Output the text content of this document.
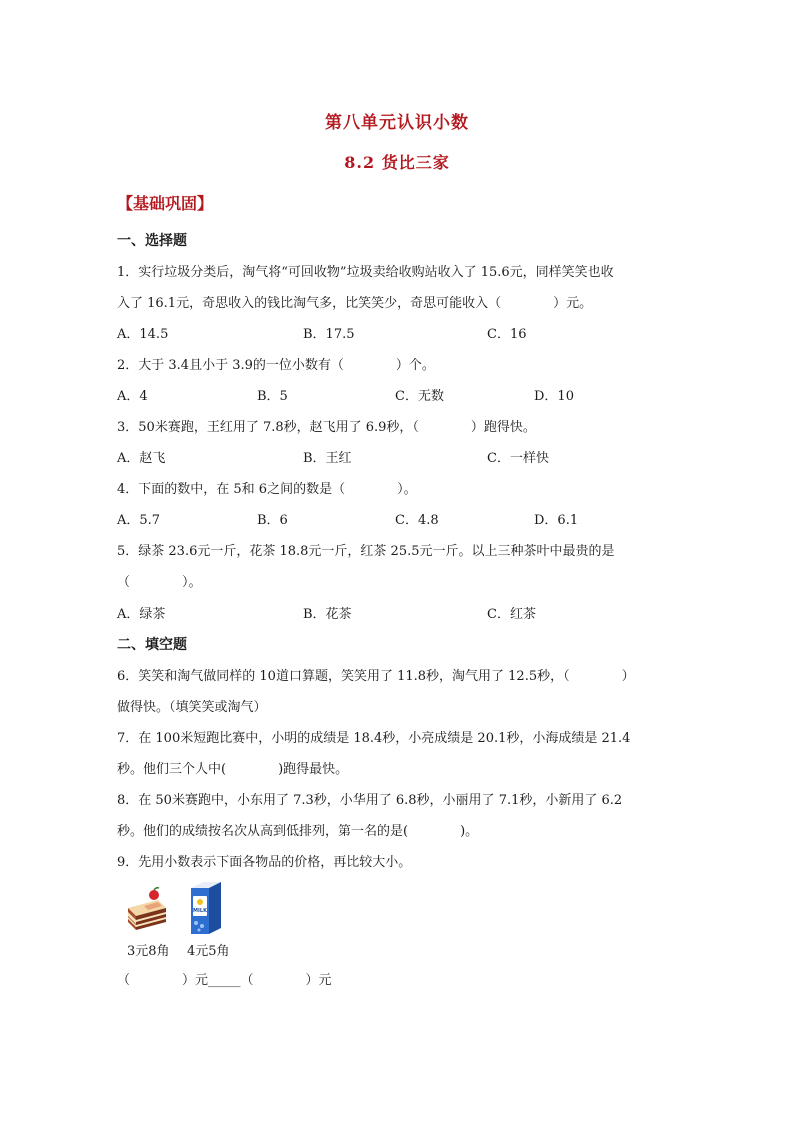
第八单元认识小数
8.2 货比三家
【基础巩固】
一、选择题
1．实行垃圾分类后，淘气将“可回收物”垃圾卖给收购站收入了 15.6元，同样笑笑也收
入了 16.1元，奇思收入的钱比淘气多，比笑笑少，奇思可能收入（　　　　）元。
A．14.5	B．17.5	C．16
2．大于 3.4且小于 3.9的一位小数有（　　　　）个。
A．4	B．5	C．无数	D．10
3．50米赛跑，王红用了 7.8秒，赵飞用了 6.9秒，（　　　　）跑得快。
A．赵飞	B．王红	C．一样快
4．下面的数中，在 5和 6之间的数是（　　　　）。
A．5.7	B．6	C．4.8	D．6.1
5．绿茶 23.6元一斤，花茶 18.8元一斤，红茶 25.5元一斤。以上三种茶叶中最贵的是
（　　　　）。
A．绿茶	B．花茶	C．红茶
二、填空题
6．笑笑和淘气做同样的 10道口算题，笑笑用了 11.8秒，淘气用了 12.5秒，（　　　　）
做得快。（填笑笑或淘气）
7．在 100米短跑比赛中，小明的成绩是 18.4秒，小亮成绩是 20.1秒，小海成绩是 21.4
秒。他们三个人中(　　　　)跑得最快。
8．在 50米赛跑中，小东用了 7.3秒，小华用了 6.8秒，小丽用了 7.1秒，小新用了 6.2
秒。他们的成绩按名次从高到低排列，第一名的是(　　　　)。
9．先用小数表示下面各物品的价格，再比较大小。
MILK
3元8角 4元5角
（　　　　）元_____（　　　　）元
